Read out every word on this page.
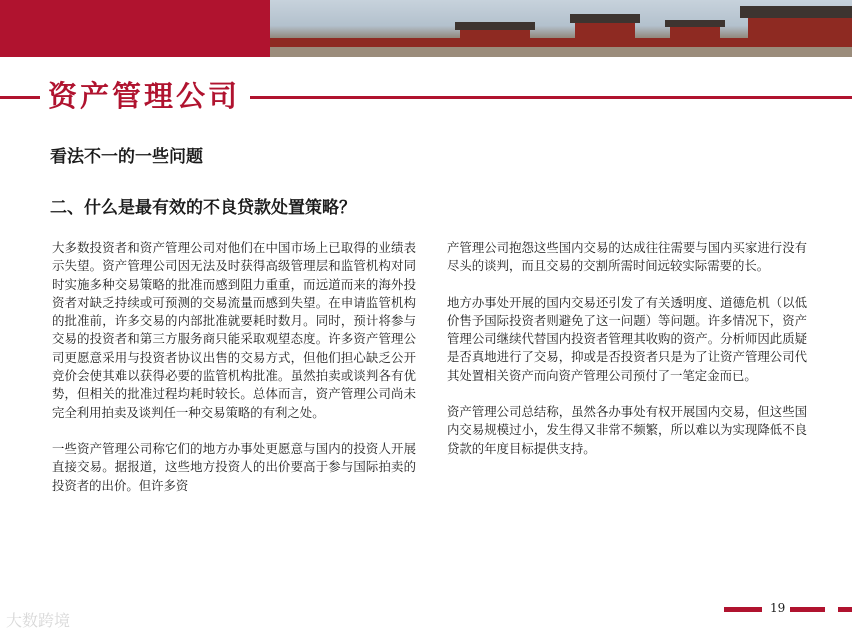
资产管理公司
看法不一的一些问题
二、什么是最有效的不良贷款处置策略？

大多数投资者和资产管理公司对他们在中国市场上已取得的业绩表示失望。资产管理公司因无法及时获得高级管理层和监管机构对同时实施多种交易策略的批准而感到阻力重重，而远道而来的海外投资者对缺乏持续或可预测的交易流量而感到失望。在申请监管机构的批准前，许多交易的内部批准就要耗时数月。同时，预计将参与交易的投资者和第三方服务商只能采取观望态度。许多资产管理公司更愿意采用与投资者协议出售的交易方式，但他们担心缺乏公开竞价会使其难以获得必要的监管机构批准。虽然拍卖或谈判各有优势，但相关的批准过程均耗时较长。总体而言，资产管理公司尚未完全利用拍卖及谈判任一种交易策略的有利之处。

一些资产管理公司称它们的地方办事处更愿意与国内的投资人开展直接交易。据报道，这些地方投资人的出价要高于参与国际拍卖的投资者的出价。但许多资

产管理公司抱怨这些国内交易的达成往往需要与国内买家进行没有尽头的谈判，而且交易的交割所需时间远较实际需要的长。

地方办事处开展的国内交易还引发了有关透明度、道德危机（以低价售予国际投资者则避免了这一问题）等问题。许多情况下，资产管理公司继续代替国内投资者管理其收购的资产。分析师因此质疑是否真地进行了交易，抑或是否投资者只是为了让资产管理公司代其处置相关资产而向资产管理公司预付了一笔定金而已。

资产管理公司总结称，虽然各办事处有权开展国内交易，但这些国内交易规模过小，发生得又非常不频繁，所以难以为实现降低不良贷款的年度目标提供支持。

19
大数跨境
